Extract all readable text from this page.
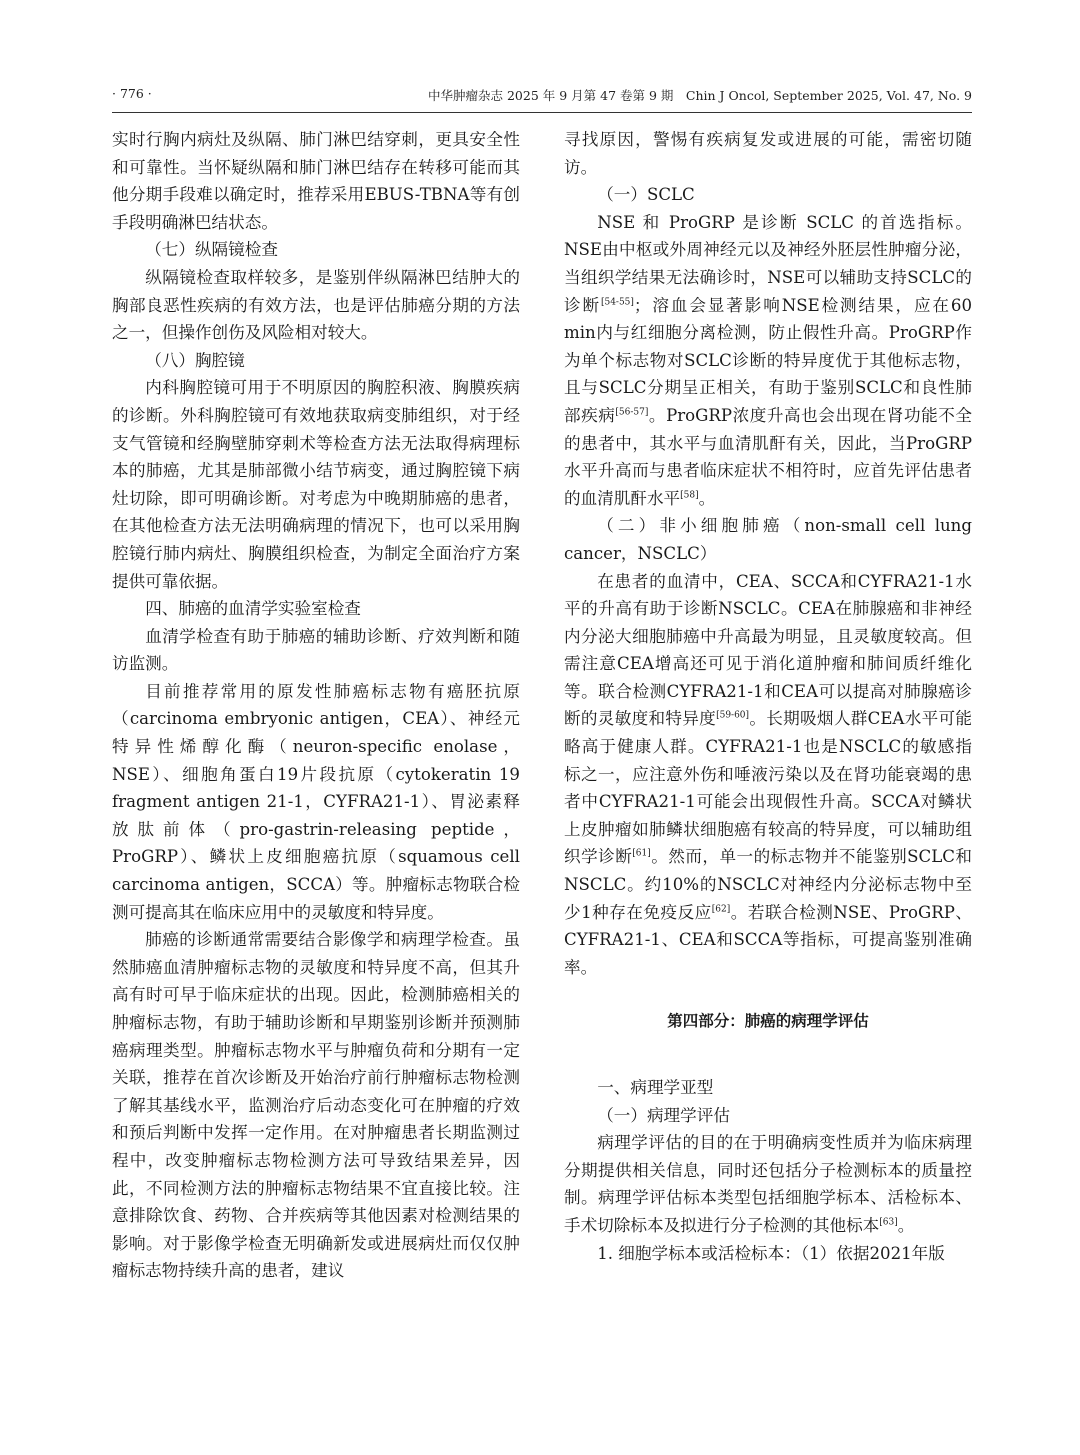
· 776 ·	中华肿瘤杂志 2025 年 9 月第 47 卷第 9 期　Chin J Oncol, September 2025, Vol. 47, No. 9

实时行胸内病灶及纵隔、肺门淋巴结穿刺，更具安全性和可靠性。当怀疑纵隔和肺门淋巴结存在转移可能而其他分期手段难以确定时，推荐采用EBUS-TBNA等有创手段明确淋巴结状态。

（七）纵隔镜检查

纵隔镜检查取样较多，是鉴别伴纵隔淋巴结肿大的胸部良恶性疾病的有效方法，也是评估肺癌分期的方法之一，但操作创伤及风险相对较大。

（八）胸腔镜

内科胸腔镜可用于不明原因的胸腔积液、胸膜疾病的诊断。外科胸腔镜可有效地获取病变肺组织，对于经支气管镜和经胸壁肺穿刺术等检查方法无法取得病理标本的肺癌，尤其是肺部微小结节病变，通过胸腔镜下病灶切除，即可明确诊断。对考虑为中晚期肺癌的患者，在其他检查方法无法明确病理的情况下，也可以采用胸腔镜行肺内病灶、胸膜组织检查，为制定全面治疗方案提供可靠依据。

四、肺癌的血清学实验室检查

血清学检查有助于肺癌的辅助诊断、疗效判断和随访监测。

目前推荐常用的原发性肺癌标志物有癌胚抗原（carcinoma embryonic antigen，CEA）、神经元特异性烯醇化酶（neuron-specific enolase，NSE）、细胞角蛋白19片段抗原（cytokeratin 19 fragment antigen 21-1，CYFRA21-1）、胃泌素释放肽前体（pro-gastrin-releasing peptide，ProGRP）、鳞状上皮细胞癌抗原（squamous cell carcinoma antigen，SCCA）等。肿瘤标志物联合检测可提高其在临床应用中的灵敏度和特异度。

肺癌的诊断通常需要结合影像学和病理学检查。虽然肺癌血清肿瘤标志物的灵敏度和特异度不高，但其升高有时可早于临床症状的出现。因此，检测肺癌相关的肿瘤标志物，有助于辅助诊断和早期鉴别诊断并预测肺癌病理类型。肿瘤标志物水平与肿瘤负荷和分期有一定关联，推荐在首次诊断及开始治疗前行肿瘤标志物检测了解其基线水平，监测治疗后动态变化可在肿瘤的疗效和预后判断中发挥一定作用。在对肿瘤患者长期监测过程中，改变肿瘤标志物检测方法可导致结果差异，因此，不同检测方法的肿瘤标志物结果不宜直接比较。注意排除饮食、药物、合并疾病等其他因素对检测结果的影响。对于影像学检查无明确新发或进展病灶而仅仅肿瘤标志物持续升高的患者，建议

寻找原因，警惕有疾病复发或进展的可能，需密切随访。

（一）SCLC

NSE 和 ProGRP 是诊断 SCLC 的首选指标。NSE由中枢或外周神经元以及神经外胚层性肿瘤分泌，当组织学结果无法确诊时，NSE可以辅助支持SCLC的诊断[54-55]；溶血会显著影响NSE检测结果，应在60 min内与红细胞分离检测，防止假性升高。ProGRP作为单个标志物对SCLC诊断的特异度优于其他标志物，且与SCLC分期呈正相关，有助于鉴别SCLC和良性肺部疾病[56-57]。ProGRP浓度升高也会出现在肾功能不全的患者中，其水平与血清肌酐有关，因此，当ProGRP水平升高而与患者临床症状不相符时，应首先评估患者的血清肌酐水平[58]。

（二）非小细胞肺癌（non-small cell lung cancer，NSCLC）

在患者的血清中，CEA、SCCA和CYFRA21-1水平的升高有助于诊断NSCLC。CEA在肺腺癌和非神经内分泌大细胞肺癌中升高最为明显，且灵敏度较高。但需注意CEA增高还可见于消化道肿瘤和肺间质纤维化等。联合检测CYFRA21-1和CEA可以提高对肺腺癌诊断的灵敏度和特异度[59-60]。长期吸烟人群CEA水平可能略高于健康人群。CYFRA21-1也是NSCLC的敏感指标之一，应注意外伤和唾液污染以及在肾功能衰竭的患者中CYFRA21-1可能会出现假性升高。SCCA对鳞状上皮肿瘤如肺鳞状细胞癌有较高的特异度，可以辅助组织学诊断[61]。然而，单一的标志物并不能鉴别SCLC和NSCLC。约10%的NSCLC对神经内分泌标志物中至少1种存在免疫反应[62]。若联合检测NSE、ProGRP、CYFRA21-1、CEA和SCCA等指标，可提高鉴别准确率。

第四部分：肺癌的病理学评估

一、病理学亚型

（一）病理学评估

病理学评估的目的在于明确病变性质并为临床病理分期提供相关信息，同时还包括分子检测标本的质量控制。病理学评估标本类型包括细胞学标本、活检标本、手术切除标本及拟进行分子检测的其他标本[63]。

1. 细胞学标本或活检标本：（1）依据2021年版
